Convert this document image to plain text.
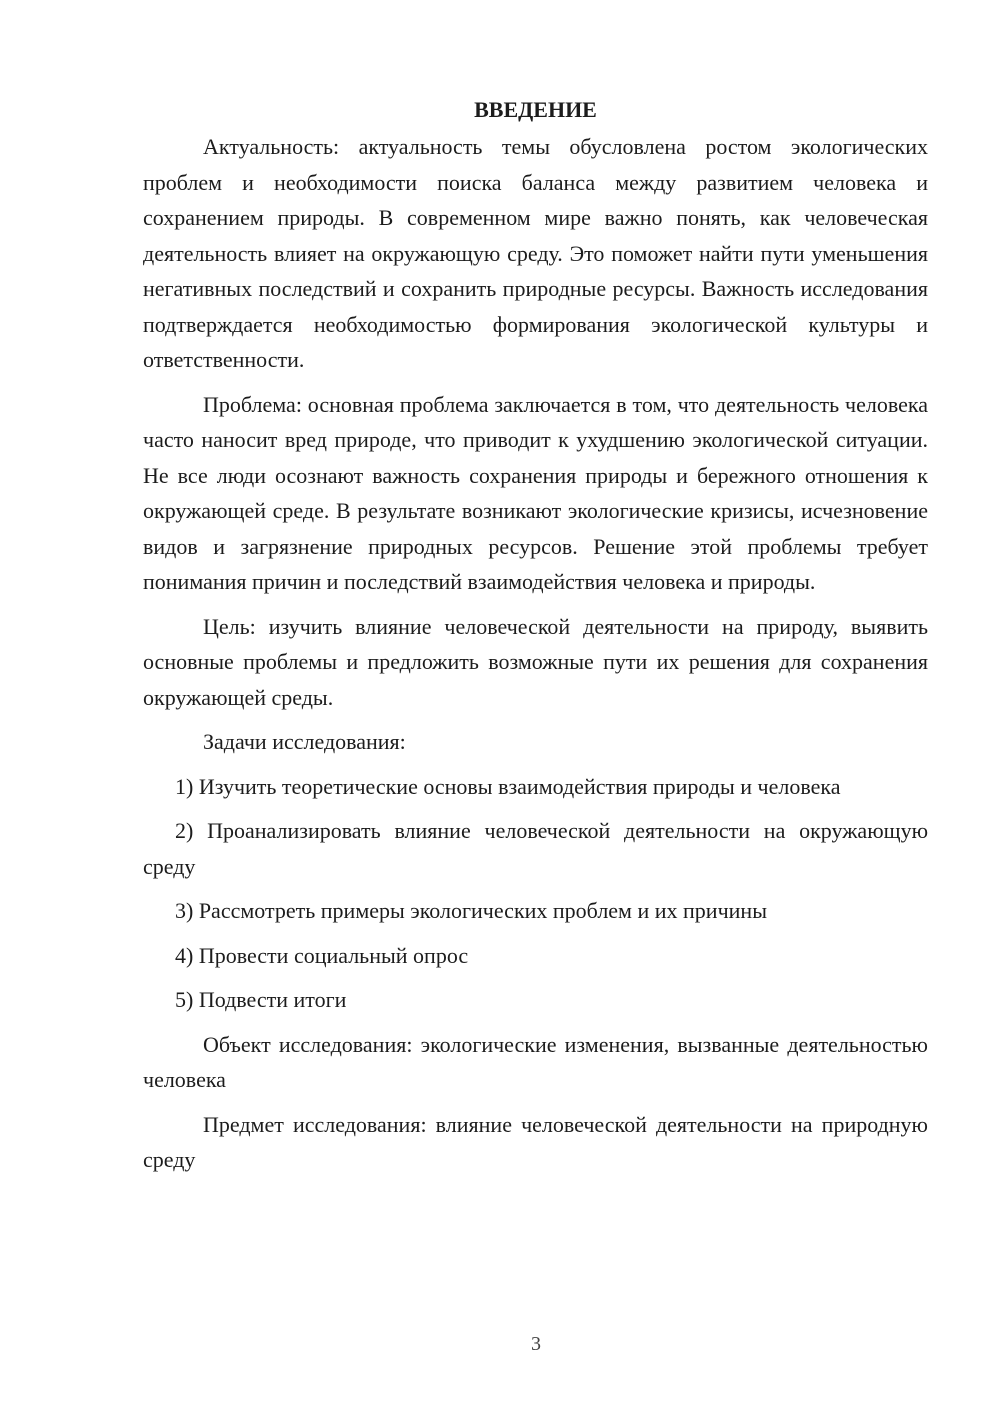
ВВЕДЕНИЕ

Актуальность: актуальность темы обусловлена ростом экологических проблем и необходимости поиска баланса между развитием человека и сохранением природы. В современном мире важно понять, как человеческая деятельность влияет на окружающую среду. Это поможет найти пути уменьшения негативных последствий и сохранить природные ресурсы. Важность исследования подтверждается необходимостью формирования экологической культуры и ответственности.

Проблема: основная проблема заключается в том, что деятельность человека часто наносит вред природе, что приводит к ухудшению экологической ситуации. Не все люди осознают важность сохранения природы и бережного отношения к окружающей среде. В результате возникают экологические кризисы, исчезновение видов и загрязнение природных ресурсов. Решение этой проблемы требует понимания причин и последствий взаимодействия человека и природы.

Цель: изучить влияние человеческой деятельности на природу, выявить основные проблемы и предложить возможные пути их решения для сохранения окружающей среды.

Задачи исследования:

1) Изучить теоретические основы взаимодействия природы и человека

2) Проанализировать влияние человеческой деятельности на окружающую среду

3) Рассмотреть примеры экологических проблем и их причины

4) Провести социальный опрос

5) Подвести итоги

Объект исследования: экологические изменения, вызванные деятельностью человека

Предмет исследования: влияние человеческой деятельности на природную среду

3
